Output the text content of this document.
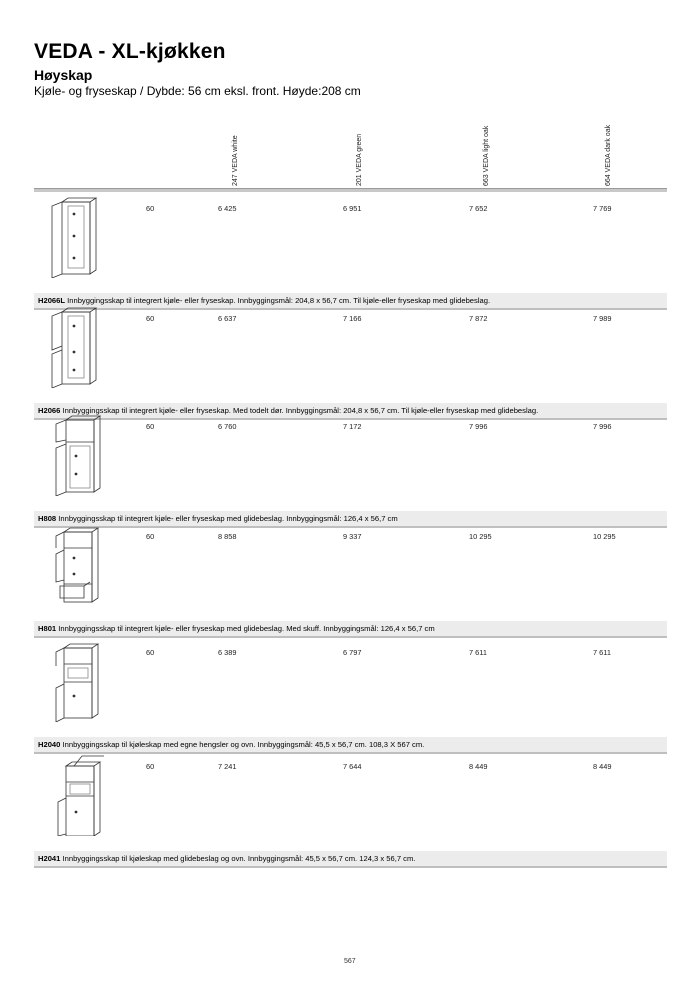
VEDA - XL-kjøkken
Høyskap
Kjøle- og fryseskap / Dybde: 56 cm eksl. front. Høyde:208 cm
247 VEDA white	201 VEDA green	663 VEDA light oak	664 VEDA dark oak
60	6 425	6 951	7 652	7 769
H2066L Innbyggingsskap til integrert kjøle- eller fryseskap. Innbyggingsmål: 204,8 x 56,7 cm. Til kjøle-eller fryseskap med glidebeslag.
60	6 637	7 166	7 872	7 989
H2066 Innbyggingsskap til integrert kjøle- eller fryseskap. Med todelt dør. Innbyggingsmål: 204,8 x 56,7 cm. Til kjøle-eller fryseskap med glidebeslag.
60	6 760	7 172	7 996	7 996
H808 Innbyggingsskap til integrert kjøle- eller fryseskap med glidebeslag. Innbyggingsmål: 126,4 x 56,7 cm
60	8 858	9 337	10 295	10 295
H801 Innbyggingsskap til integrert kjøle- eller fryseskap med glidebeslag. Med skuff. Innbyggingsmål: 126,4 x 56,7 cm
60	6 389	6 797	7 611	7 611
H2040 Innbyggingsskap til kjøleskap med egne hengsler og ovn. Innbyggingsmål: 45,5 x 56,7 cm. 108,3 X 567 cm.
60	7 241	7 644	8 449	8 449
H2041 Innbyggingsskap til kjøleskap med glidebeslag og ovn. Innbyggingsmål: 45,5 x 56,7 cm. 124,3 x 56,7 cm.
567
